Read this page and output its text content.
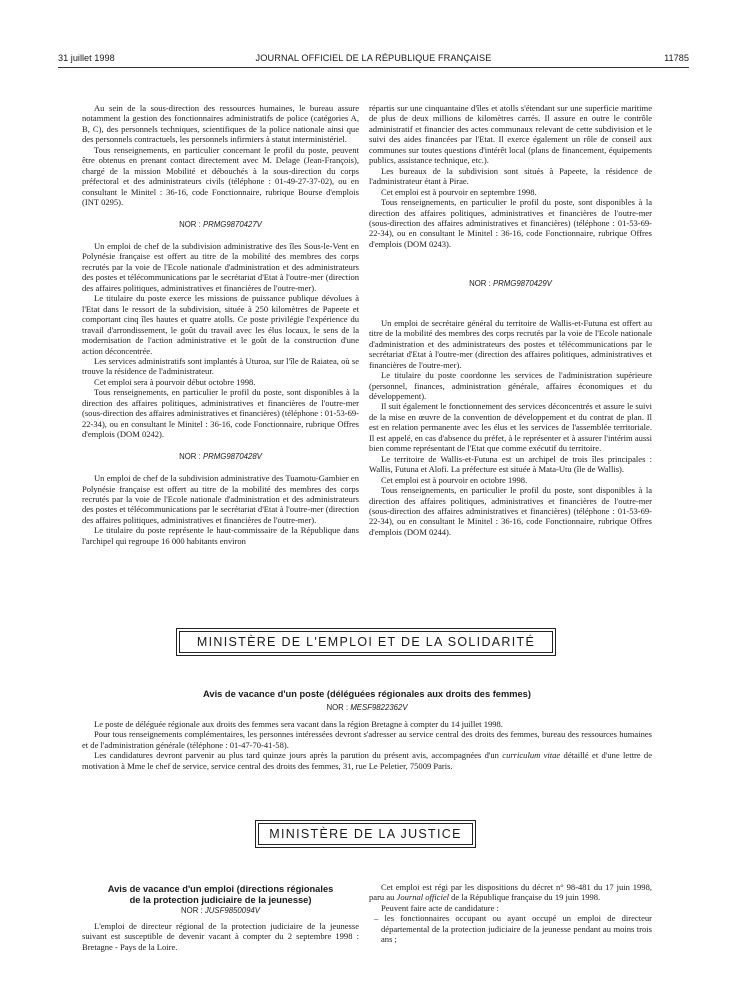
31 juillet 1998	JOURNAL OFFICIEL DE LA RÉPUBLIQUE FRANÇAISE	11785

Au sein de la sous-direction des ressources humaines, le bureau assure notamment la gestion des fonctionnaires administratifs de police (catégories A, B, C), des personnels techniques, scientifiques de la police nationale ainsi que des personnels contractuels, les personnels infirmiers à statut interministériel.

Tous renseignements, en particulier concernant le profil du poste, peuvent être obtenus en prenant contact directement avec M. Delage (Jean-François), chargé de la mission Mobilité et débouchés à la sous-direction du corps préfectoral et des administrateurs civils (téléphone : 01-49-27-37-02), ou en consultant le Minitel : 36-16, code Fonctionnaire, rubrique Bourse d'emplois (INT 0295).

NOR : PRMG9870427V

Un emploi de chef de la subdivision administrative des îles Sous-le-Vent en Polynésie française est offert au titre de la mobilité des membres des corps recrutés par la voie de l'Ecole nationale d'administration et des administrateurs des postes et télécommunications par le secrétariat d'Etat à l'outre-mer (direction des affaires politiques, administratives et financières de l'outre-mer).

Le titulaire du poste exerce les missions de puissance publique dévolues à l'Etat dans le ressort de la subdivision, située à 250 kilomètres de Papeete et comportant cinq îles hautes et quatre atolls. Ce poste privilégie l'expérience du travail d'arrondissement, le goût du travail avec les élus locaux, le sens de la modernisation de l'action administrative et le goût de la construction d'une action déconcentrée.

Les services administratifs sont implantés à Uturoa, sur l'île de Raiatea, où se trouve la résidence de l'administrateur.

Cet emploi sera à pourvoir début octobre 1998.

Tous renseignements, en particulier le profil du poste, sont disponibles à la direction des affaires politiques, administratives et financières de l'outre-mer (sous-direction des affaires administratives et financières) (téléphone : 01-53-69-22-34), ou en consultant le Minitel : 36-16, code Fonctionnaire, rubrique Offres d'emplois (DOM 0242).

NOR : PRMG9870428V

Un emploi de chef de la subdivision administrative des Tuamotu-Gambier en Polynésie française est offert au titre de la mobilité des membres des corps recrutés par la voie de l'Ecole nationale d'administration et des administrateurs des postes et télécommunications par le secrétariat d'Etat à l'outre-mer (direction des affaires politiques, administratives et financières de l'outre-mer).

Le titulaire du poste représente le haut-commissaire de la République dans l'archipel qui regroupe 16 000 habitants environ

répartis sur une cinquantaine d'îles et atolls s'étendant sur une superficie maritime de plus de deux millions de kilomètres carrés. Il assure en outre le contrôle administratif et financier des actes communaux relevant de cette subdivision et le suivi des aides financées par l'Etat. Il exerce également un rôle de conseil aux communes sur toutes questions d'intérêt local (plans de financement, équipements publics, assistance technique, etc.).

Les bureaux de la subdivision sont situés à Papeete, la résidence de l'administrateur étant à Pirae.

Cet emploi est à pourvoir en septembre 1998.

Tous renseignements, en particulier le profil du poste, sont disponibles à la direction des affaires politiques, administratives et financières de l'outre-mer (sous-direction des affaires administratives et financières) (téléphone : 01-53-69-22-34), ou en consultant le Minitel : 36-16, code Fonctionnaire, rubrique Offres d'emplois (DOM 0243).

NOR : PRMG9870429V

Un emploi de secrétaire général du territoire de Wallis-et-Futuna est offert au titre de la mobilité des membres des corps recrutés par la voie de l'Ecole nationale d'administration et des administrateurs des postes et télécommunications par le secrétariat d'Etat à l'outre-mer (direction des affaires politiques, administratives et financières de l'outre-mer).

Le titulaire du poste coordonne les services de l'administration supérieure (personnel, finances, administration générale, affaires économiques et du développement).

Il suit également le fonctionnement des services déconcentrés et assure le suivi de la mise en œuvre de la convention de développement et du contrat de plan. Il est en relation permanente avec les élus et les services de l'assemblée territoriale. Il est appelé, en cas d'absence du préfet, à le représenter et à assurer l'intérim aussi bien comme représentant de l'Etat que comme exécutif du territoire.

Le territoire de Wallis-et-Futuna est un archipel de trois îles principales : Wallis, Futuna et Alofi. La préfecture est située à Mata-Utu (île de Wallis).

Cet emploi est à pourvoir en octobre 1998.

Tous renseignements, en particulier le profil du poste, sont disponibles à la direction des affaires politiques, administratives et financières de l'outre-mer (sous-direction des affaires administratives et financières) (téléphone : 01-53-69-22-34), ou en consultant le Minitel : 36-16, code Fonctionnaire, rubrique Offres d'emplois (DOM 0244).

MINISTÈRE DE L'EMPLOI ET DE LA SOLIDARITÉ
Avis de vacance d'un poste (déléguées régionales aux droits des femmes)
NOR : MESF9822362V

Le poste de déléguée régionale aux droits des femmes sera vacant dans la région Bretagne à compter du 14 juillet 1998.

Pour tous renseignements complémentaires, les personnes intéressées devront s'adresser au service central des droits des femmes, bureau des ressources humaines et de l'administration générale (téléphone : 01-47-70-41-58).

Les candidatures devront parvenir au plus tard quinze jours après la parution du présent avis, accompagnées d'un curriculum vitae détaillé et d'une lettre de motivation à Mme le chef de service, service central des droits des femmes, 31, rue Le Peletier, 75009 Paris.

MINISTÈRE DE LA JUSTICE
Avis de vacance d'un emploi (directions régionales
de la protection judiciaire de la jeunesse)
NOR : JUSF9850094V

L'emploi de directeur régional de la protection judiciaire de la jeunesse suivant est susceptible de devenir vacant à compter du 2 septembre 1998 : Bretagne - Pays de la Loire.

Cet emploi est régi par les dispositions du décret n° 98-481 du 17 juin 1998, paru au Journal officiel de la République française du 19 juin 1998.

Peuvent faire acte de candidature :

– les fonctionnaires occupant ou ayant occupé un emploi de directeur départemental de la protection judiciaire de la jeunesse pendant au moins trois ans ;
